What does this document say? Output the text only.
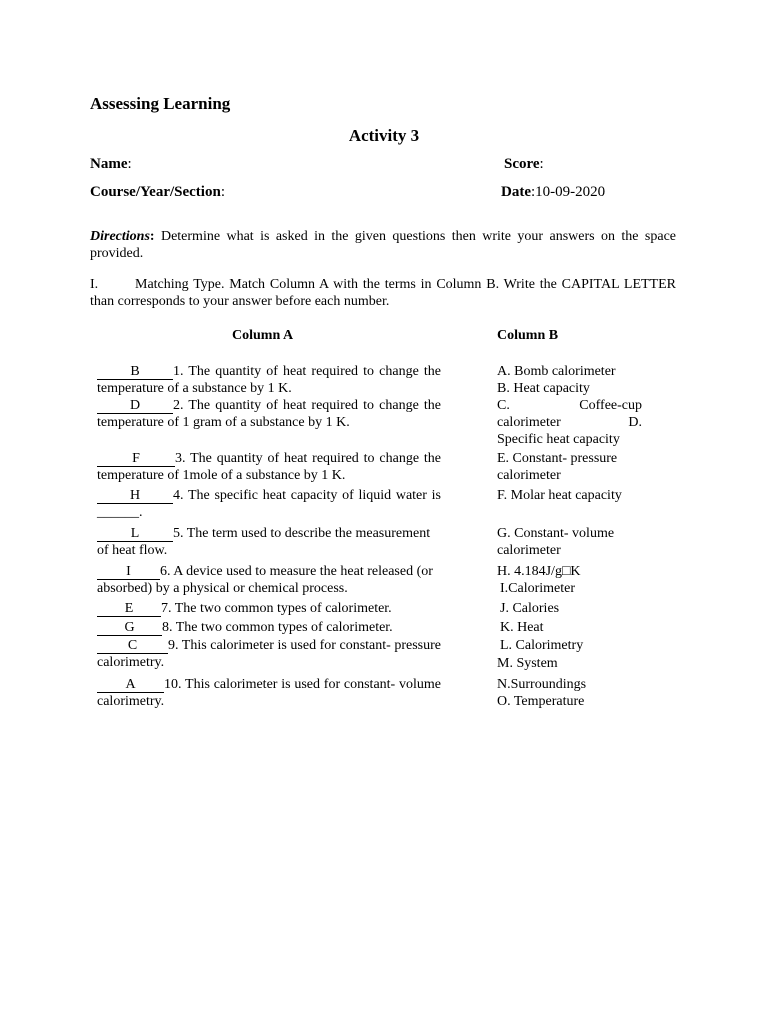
Assessing Learning
Activity 3
Name:	Score:
Course/Year/Section:	Date:10-09-2020
Directions: Determine what is asked in the given questions then write your answers on the space provided.
I.	Matching Type. Match Column A with the terms in Column B. Write the CAPITAL LETTER than corresponds to your answer before each number.
Column A	Column B
B 1. The quantity of heat required to change the temperature of a substance by 1 K.
D 2. The quantity of heat required to change the temperature of 1 gram of a substance by 1 K.
F	3. The quantity of heat required to change the temperature of 1mole of a substance by 1 K.
H 4. The specific heat capacity of liquid water is ______.
L 5. The term used to describe the measurement of heat flow.
I 6. A device used to measure the heat released (or absorbed) by a physical or chemical process.
E 7. The two common types of calorimeter.
G 8. The two common types of calorimeter.
C 9. This calorimeter is used for constant- pressure calorimetry.
A 10. This calorimeter is used for constant- volume calorimetry.
A. Bomb calorimeter
B. Heat capacity
C.	Coffee-cup
calorimeter	D.
Specific heat capacity
E. Constant- pressure calorimeter
F. Molar heat capacity
G. Constant- volume calorimeter
H. 4.184J/g□K
I.Calorimeter
J. Calories
K. Heat
L. Calorimetry
M. System
N.Surroundings
O. Temperature
